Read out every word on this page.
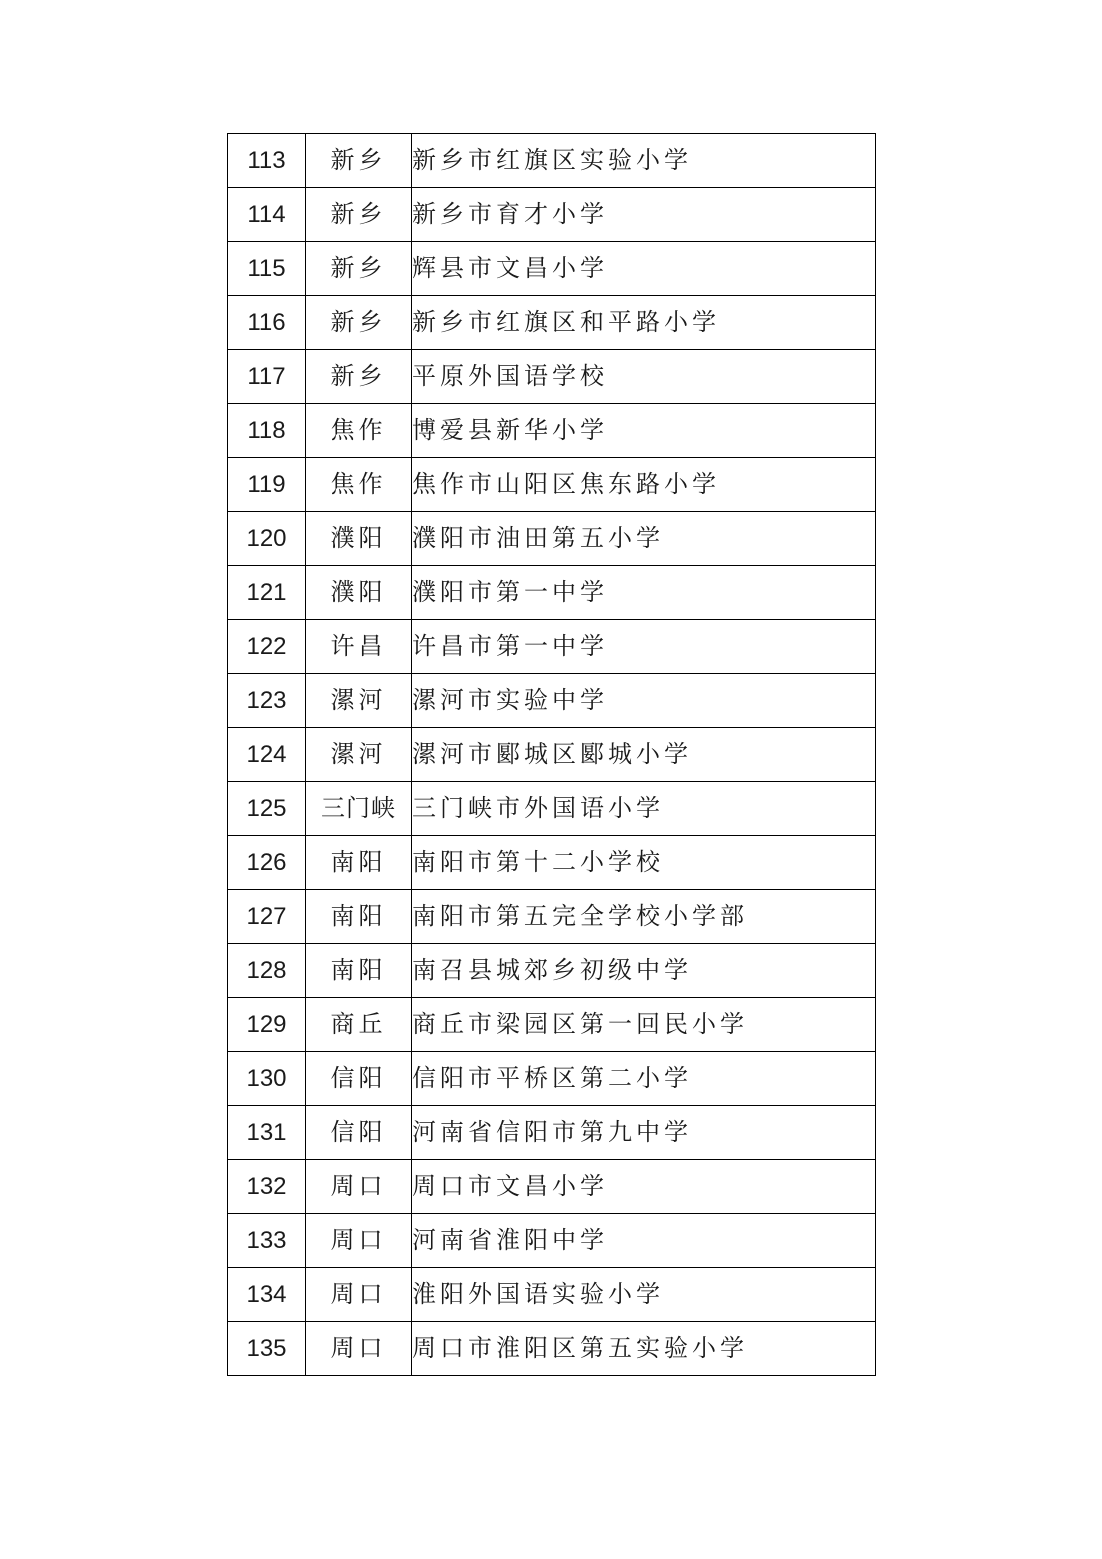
113	新乡	新乡市红旗区实验小学
114	新乡	新乡市育才小学
115	新乡	辉县市文昌小学
116	新乡	新乡市红旗区和平路小学
117	新乡	平原外国语学校
118	焦作	博爱县新华小学
119	焦作	焦作市山阳区焦东路小学
120	濮阳	濮阳市油田第五小学
121	濮阳	濮阳市第一中学
122	许昌	许昌市第一中学
123	漯河	漯河市实验中学
124	漯河	漯河市郾城区郾城小学
125	三门峡	三门峡市外国语小学
126	南阳	南阳市第十二小学校
127	南阳	南阳市第五完全学校小学部
128	南阳	南召县城郊乡初级中学
129	商丘	商丘市梁园区第一回民小学
130	信阳	信阳市平桥区第二小学
131	信阳	河南省信阳市第九中学
132	周口	周口市文昌小学
133	周口	河南省淮阳中学
134	周口	淮阳外国语实验小学
135	周口	周口市淮阳区第五实验小学
